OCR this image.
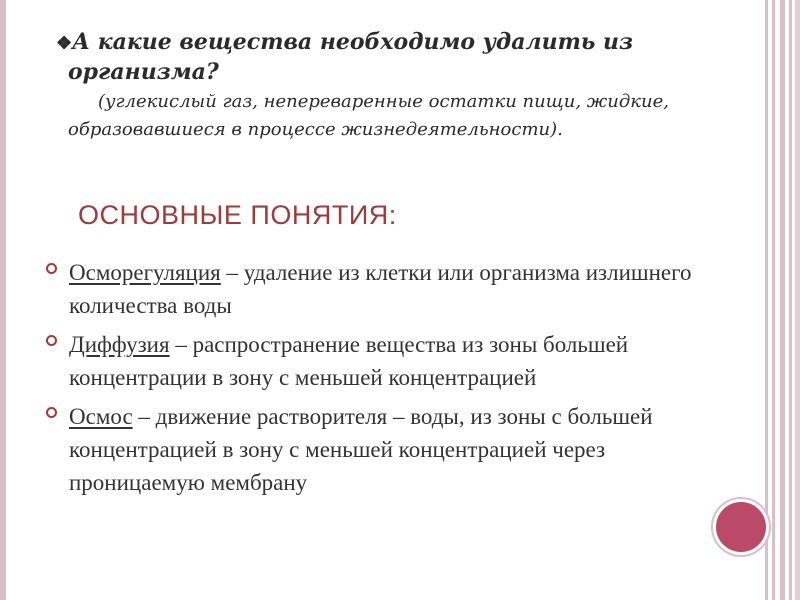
❖А какие вещества необходимо удалить из
организма?
(углекислый газ, непереваренные остатки пищи, жидкие, образовавшиеся в процессе жизнедеятельности).
ОСНОВНЫЕ ПОНЯТИЯ:
Осморегуляция – удаление из клетки или организма излишнего количества воды
Диффузия – распространение вещества из зоны большей концентрации в зону с меньшей концентрацией
Осмос – движение растворителя – воды, из зоны с большей концентрацией в зону с меньшей концентрацией через проницаемую мембрану
